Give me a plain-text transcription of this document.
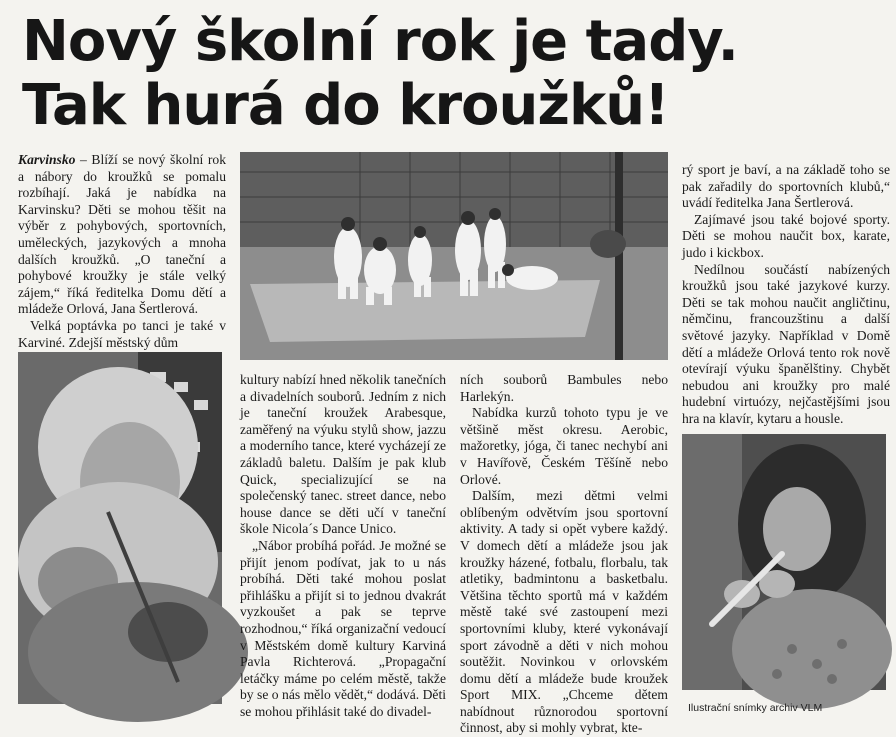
Nový školní rok je tady.
Tak hurá do kroužků!

Karvinsko – Blíží se nový školní rok a nábory do kroužků se pomalu rozbíhají. Jaká je nabídka na Karvinsku? Děti se mohou těšit na výběr z pohybových, sportovních, uměleckých, jazykových a mnoha dalších kroužků. „O taneční a pohybové kroužky je stále velký zájem,“ říká ředitelka Domu dětí a mládeže Orlová, Jana Šertlerová.

Velká poptávka po tanci je také v Karviné. Zdejší městský dům

kultury nabízí hned několik tanečních a divadelních souborů. Jedním z nich je taneční kroužek Arabesque, zaměřený na výuku stylů show, jazzu a moderního tance, které vycházejí ze základů baletu. Dalším je pak klub Quick, specializující se na společenský tanec. street dance, nebo house dance se děti učí v taneční škole Nicola´s Dance Unico.

„Nábor probíhá pořád. Je možné se přijít jenom podívat, jak to u nás probíhá. Děti také mohou poslat přihlášku a přijít si to jednou dvakrát vyzkoušet a pak se teprve rozhodnou,“ říká organizační vedoucí v Městském domě kultury Karviná Pavla Richterová. „Propagační letáčky máme po celém městě, takže by se o nás mělo vědět,“ dodává. Děti se mohou přihlásit také do divadel-

ních souborů Bambules nebo Harlekýn.

Nabídka kurzů tohoto typu je ve většině měst okresu. Aerobic, mažoretky, jóga, či tanec nechybí ani v Havířově, Českém Těšíně nebo Orlové.

Dalším, mezi dětmi velmi oblíbeným odvětvím jsou sportovní aktivity. A tady si opět vybere každý. V domech dětí a mládeže jsou jak kroužky házené, fotbalu, florbalu, tak atletiky, badmintonu a basketbalu. Většina těchto sportů má v každém městě také své zastoupení mezi sportovními kluby, které vykonávají sport závodně a děti v nich mohou soutěžit. Novinkou v orlovském domu dětí a mládeže bude kroužek Sport MIX. „Chceme dětem nabídnout různorodou sportovní činnost, aby si mohly vybrat, kte-

rý sport je baví, a na základě toho se pak zařadily do sportovních klubů,“ uvádí ředitelka Jana Šertlerová.

Zajímavé jsou také bojové sporty. Děti se mohou naučit box, karate, judo i kickbox.

Nedílnou součástí nabízených kroužků jsou také jazykové kurzy. Děti se tak mohou naučit angličtinu, němčinu, francouzštinu a další světové jazyky. Například v Domě dětí a mládeže Orlová tento rok nově otevírají výuku španělštiny. Chybět nebudou ani kroužky pro malé hudební virtuózy, nejčastějšími jsou hra na klavír, kytaru a housle.

Ilustrační snímky archiv VLM
